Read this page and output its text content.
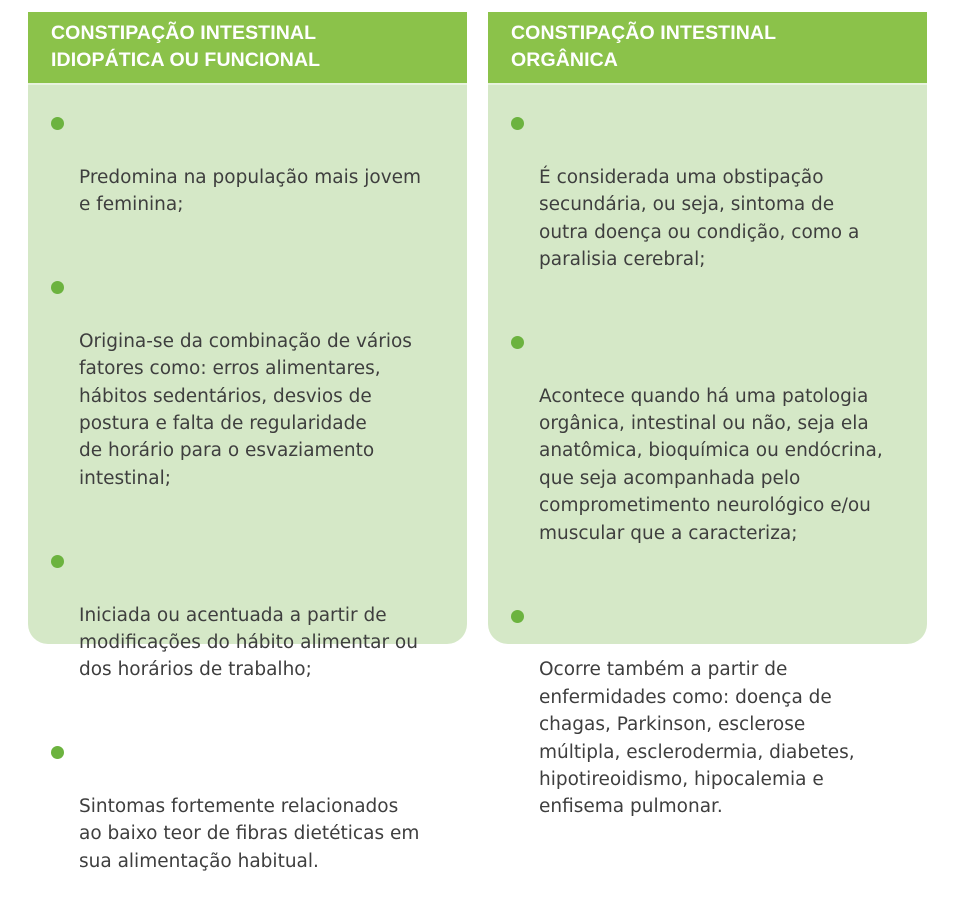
CONSTIPAÇÃO INTESTINAL
IDIOPÁTICA OU FUNCIONAL

Predomina na população mais jovem
e feminina;

Origina-se da combinação de vários
fatores como: erros alimentares,
hábitos sedentários, desvios de
postura e falta de regularidade
de horário para o esvaziamento
intestinal;

Iniciada ou acentuada a partir de
modificações do hábito alimentar ou
dos horários de trabalho;

Sintomas fortemente relacionados
ao baixo teor de fibras dietéticas em
sua alimentação habitual.

CONSTIPAÇÃO INTESTINAL
ORGÂNICA

É considerada uma obstipação
secundária, ou seja, sintoma de
outra doença ou condição, como a
paralisia cerebral;

Acontece quando há uma patologia
orgânica, intestinal ou não, seja ela
anatômica, bioquímica ou endócrina,
que seja acompanhada pelo
comprometimento neurológico e/ou
muscular que a caracteriza;

Ocorre também a partir de
enfermidades como: doença de
chagas, Parkinson, esclerose
múltipla, esclerodermia, diabetes,
hipotireoidismo, hipocalemia e
enfisema pulmonar.
